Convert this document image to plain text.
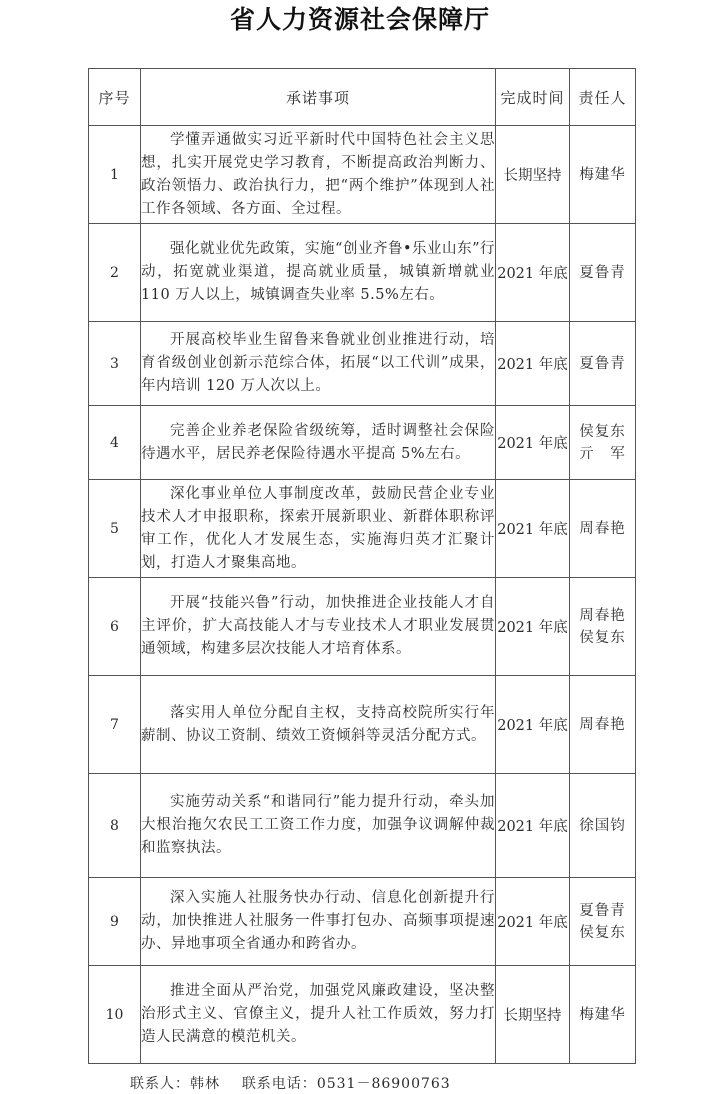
省人力资源社会保障厅
序号	承诺事项	完成时间	责任人
1	学懂弄通做实习近平新时代中国特色社会主义思想，扎实开展党史学习教育，不断提高政治判断力、政治领悟力、政治执行力，把“两个维护”体现到人社工作各领域、各方面、全过程。	长期坚持	梅建华

2	强化就业优先政策，实施“创业齐鲁•乐业山东”行动，拓宽就业渠道，提高就业质量，城镇新增就业 110 万人以上，城镇调查失业率 5.5%左右。	2021 年底	夏鲁青

3	开展高校毕业生留鲁来鲁就业创业推进行动，培育省级创业创新示范综合体，拓展“以工代训”成果，年内培训 120 万人次以上。	2021 年底	夏鲁青

4	完善企业养老保险省级统筹，适时调整社会保险待遇水平，居民养老保险待遇水平提高 5%左右。	2021 年底	侯复东
亓　军

5	深化事业单位人事制度改革，鼓励民营企业专业技术人才申报职称，探索开展新职业、新群体职称评审工作，优化人才发展生态，实施海归英才汇聚计划，打造人才聚集高地。	2021 年底	周春艳

6	开展“技能兴鲁”行动，加快推进企业技能人才自主评价，扩大高技能人才与专业技术人才职业发展贯通领域，构建多层次技能人才培育体系。	2021 年底	周春艳
侯复东

7	落实用人单位分配自主权，支持高校院所实行年薪制、协议工资制、绩效工资倾斜等灵活分配方式。	2021 年底	周春艳

8	实施劳动关系“和谐同行”能力提升行动，牵头加大根治拖欠农民工工资工作力度，加强争议调解仲裁和监察执法。	2021 年底	徐国钧

9	深入实施人社服务快办行动、信息化创新提升行动，加快推进人社服务一件事打包办、高频事项提速办、异地事项全省通办和跨省办。	2021 年底	夏鲁青
侯复东

10	推进全面从严治党，加强党风廉政建设，坚决整治形式主义、官僚主义，提升人社工作质效，努力打造人民满意的模范机关。	长期坚持	梅建华
联系人：韩林 联系电话：0531－86900763
